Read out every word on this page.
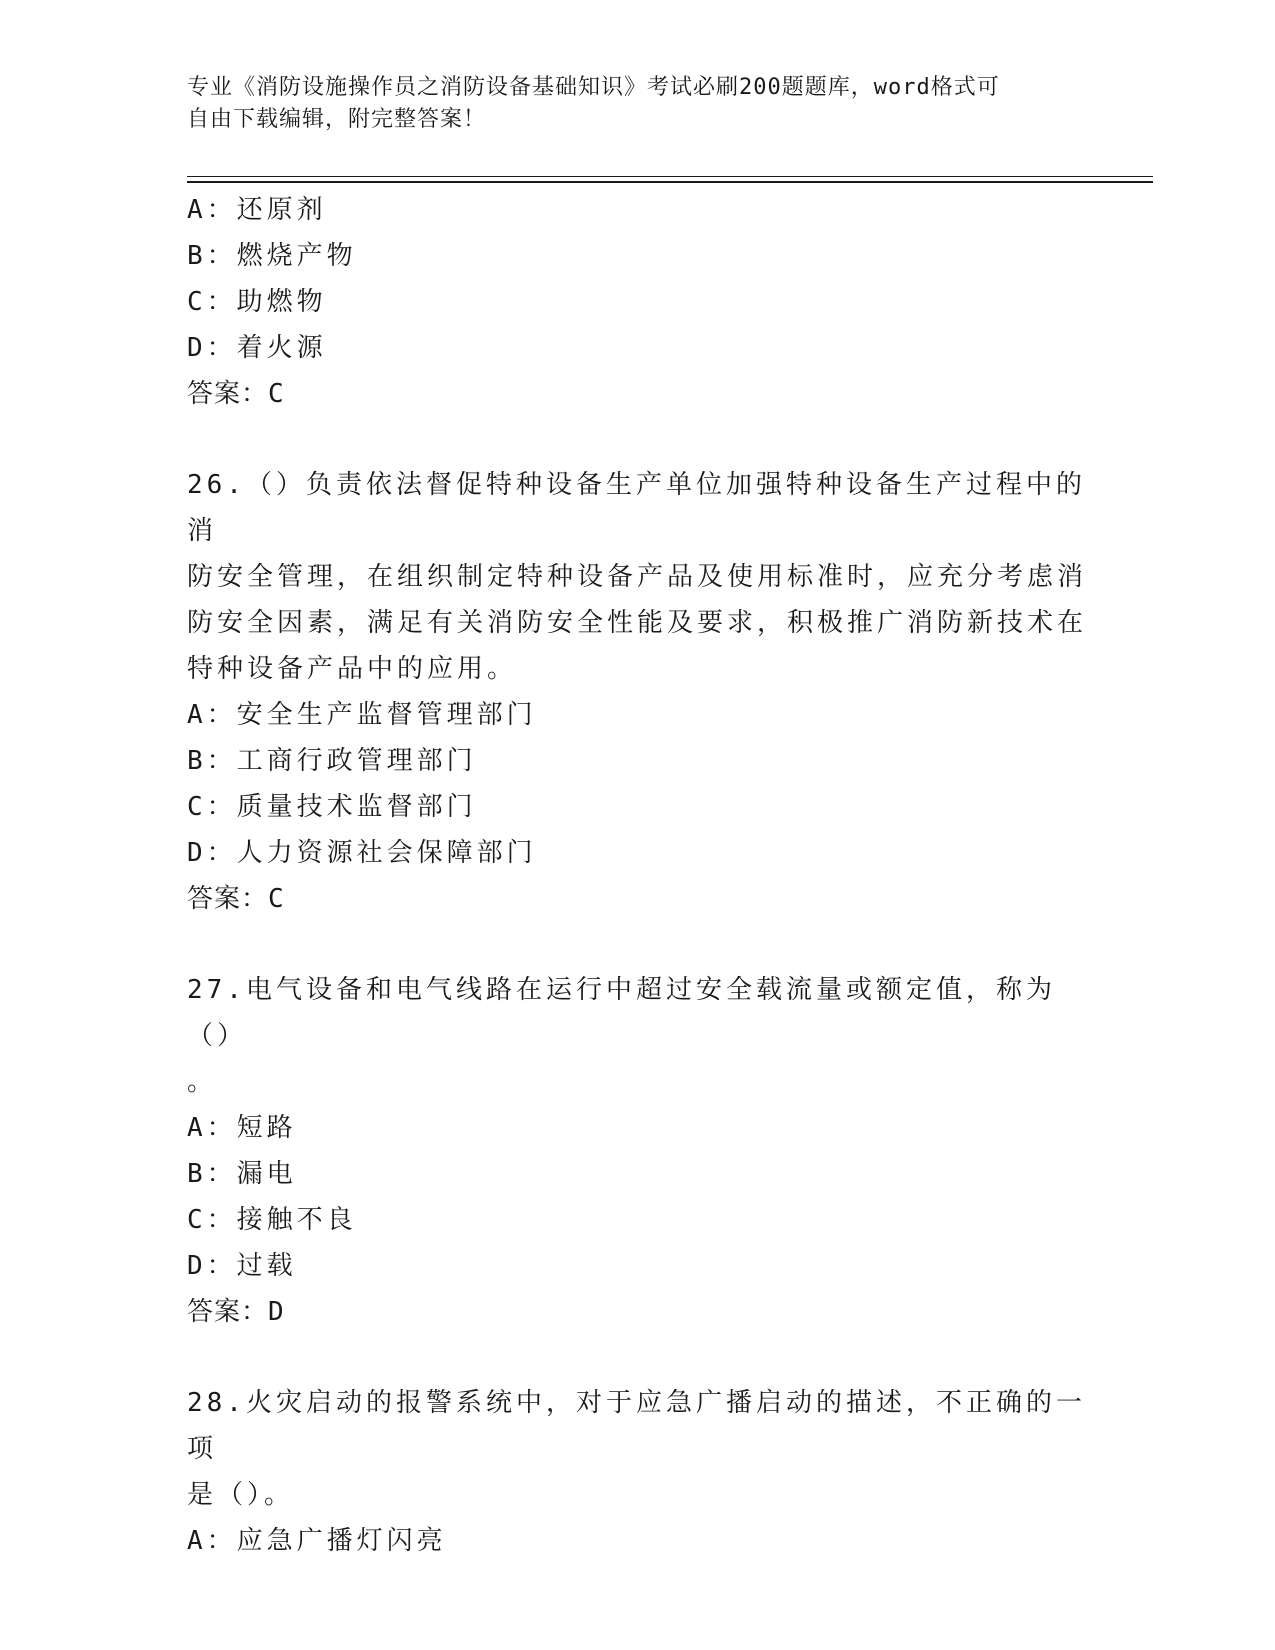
专业《消防设施操作员之消防设备基础知识》考试必刷200题题库，word格式可
自由下载编辑，附完整答案！
A：还原剂
B：燃烧产物
C：助燃物
D：着火源
答案：C
26.（）负责依法督促特种设备生产单位加强特种设备生产过程中的消
防安全管理，在组织制定特种设备产品及使用标准时，应充分考虑消
防安全因素，满足有关消防安全性能及要求，积极推广消防新技术在
特种设备产品中的应用。
A：安全生产监督管理部门
B：工商行政管理部门
C：质量技术监督部门
D：人力资源社会保障部门
答案：C
27.电气设备和电气线路在运行中超过安全载流量或额定值，称为（）
。
A：短路
B：漏电
C：接触不良
D：过载
答案：D
28.火灾启动的报警系统中，对于应急广播启动的描述，不正确的一项
是（）。
A：应急广播灯闪亮
